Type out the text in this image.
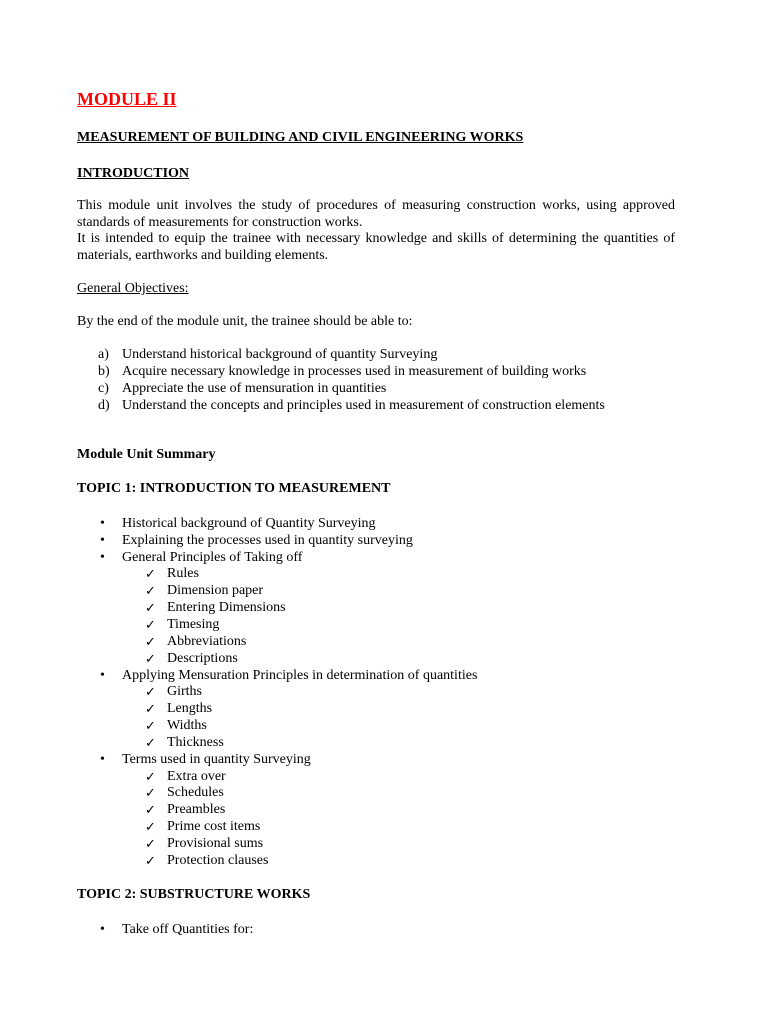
MODULE II
MEASUREMENT OF BUILDING AND CIVIL ENGINEERING WORKS
INTRODUCTION
This module unit involves the study of procedures of measuring construction works, using approved standards of measurements for construction works.
It is intended to equip the trainee with necessary knowledge and skills of determining the quantities of materials, earthworks and building elements.
General Objectives:
By the end of the module unit, the trainee should be able to:
a) Understand historical background of quantity Surveying
b) Acquire necessary knowledge in processes used in measurement of building works
c) Appreciate the use of mensuration in quantities
d) Understand the concepts and principles used in measurement of construction elements
Module Unit Summary
TOPIC 1: INTRODUCTION TO MEASUREMENT
•	Historical background of Quantity Surveying
•	Explaining the processes used in quantity surveying
•	General Principles of Taking off
✓ Rules
✓ Dimension paper
✓ Entering Dimensions
✓ Timesing
✓ Abbreviations
✓ Descriptions
•	Applying Mensuration Principles in determination of quantities
✓ Girths
✓ Lengths
✓ Widths
✓ Thickness
•	Terms used in quantity Surveying
✓ Extra over
✓ Schedules
✓ Preambles
✓ Prime cost items
✓ Provisional sums
✓ Protection clauses
TOPIC 2: SUBSTRUCTURE WORKS
•	Take off Quantities for:
